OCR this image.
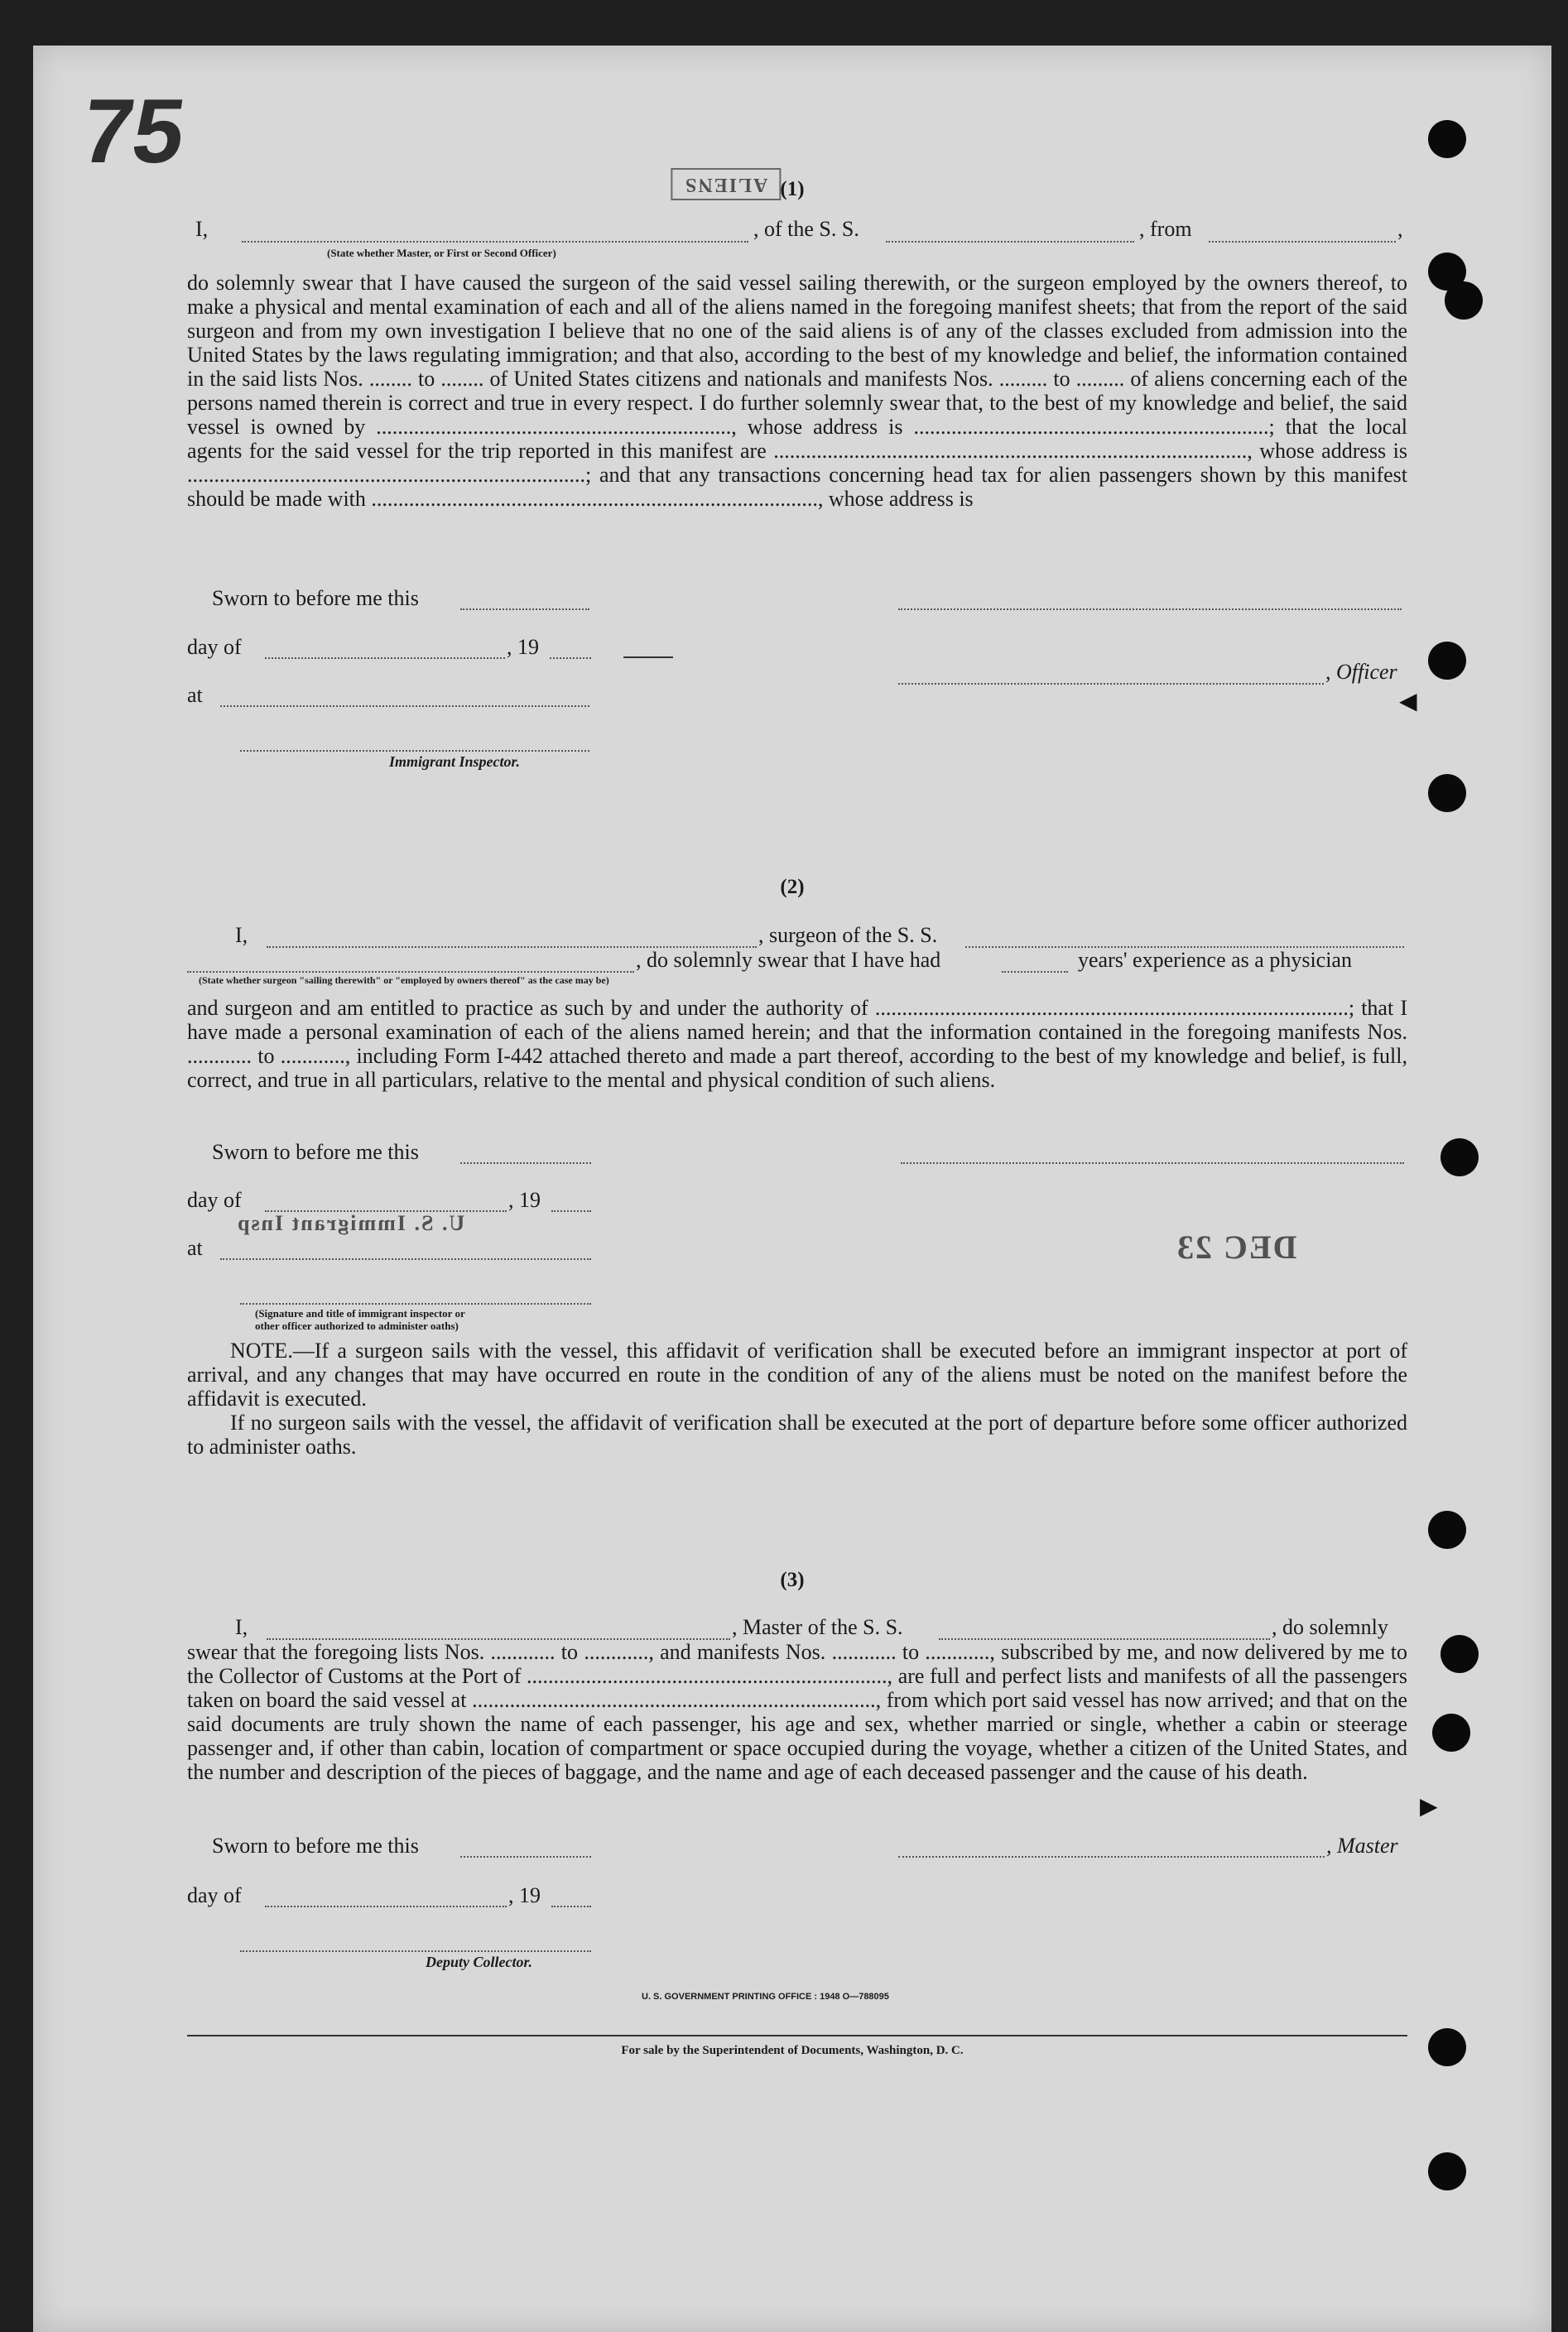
75
◀
▶
(1)
I,	, of the S. S.	, from	,
(State whether Master, or First or Second Officer)
ALIENS

do solemnly swear that I have caused the surgeon of the said vessel sailing therewith, or the surgeon employed by the owners thereof, to make a physical and mental examination of each and all of the aliens named in the foregoing manifest sheets; that from the report of the said surgeon and from my own investigation I believe that no one of the said aliens is of any of the classes excluded from admission into the United States by the laws regulating immigration; and that also, according to the best of my knowledge and belief, the information contained in the said lists Nos. ........ to ........ of United States citizens and nationals and manifests Nos. ......... to ......... of aliens concerning each of the persons named therein is correct and true in every respect. I do further solemnly swear that, to the best of my knowledge and belief, the said vessel is owned by .................................................................., whose address is ..................................................................; that the local agents for the said vessel for the trip reported in this manifest are ........................................................................................, whose address is ..........................................................................; and that any transactions concerning head tax for alien passengers shown by this manifest should be made with ..................................................................................., whose address is

Sworn to before me this
day of	, 19
, Officer
at
Immigrant Inspector.
(2)
I,	, surgeon of the S. S.
, do solemnly swear that I have had	years' experience as a physician
(State whether surgeon "sailing therewith" or "employed by owners thereof" as the case may be)

and surgeon and am entitled to practice as such by and under the authority of ........................................................................................; that I have made a personal examination of each of the aliens named herein; and that the information contained in the foregoing manifests Nos. ............ to ............, including Form I-442 attached thereto and made a part thereof, according to the best of my knowledge and belief, is full, correct, and true in all particulars, relative to the mental and physical condition of such aliens.

Sworn to before me this
day of	, 19
at
U. S. Immigrant Insp
DEC 23
(Signature and title of immigrant inspector or
other officer authorized to administer oaths)

NOTE.—If a surgeon sails with the vessel, this affidavit of verification shall be executed before an immigrant inspector at port of arrival, and any changes that may have occurred en route in the condition of any of the aliens must be noted on the manifest before the affidavit is executed.

If no surgeon sails with the vessel, the affidavit of verification shall be executed at the port of departure before some officer authorized to administer oaths.

(3)
I,	, Master of the S. S.	, do solemnly

swear that the foregoing lists Nos. ............ to ............, and manifests Nos. ............ to ............, subscribed by me, and now delivered by me to the Collector of Customs at the Port of ..................................................................., are full and perfect lists and manifests of all the passengers taken on board the said vessel at ..........................................................................., from which port said vessel has now arrived; and that on the said documents are truly shown the name of each passenger, his age and sex, whether married or single, whether a cabin or steerage passenger and, if other than cabin, location of compartment or space occupied during the voyage, whether a citizen of the United States, and the number and description of the pieces of baggage, and the name and age of each deceased passenger and the cause of his death.

Sworn to before me this	, Master
day of	, 19
Deputy Collector.
U. S. GOVERNMENT PRINTING OFFICE : 1948 O—788095
For sale by the Superintendent of Documents, Washington, D. C.
